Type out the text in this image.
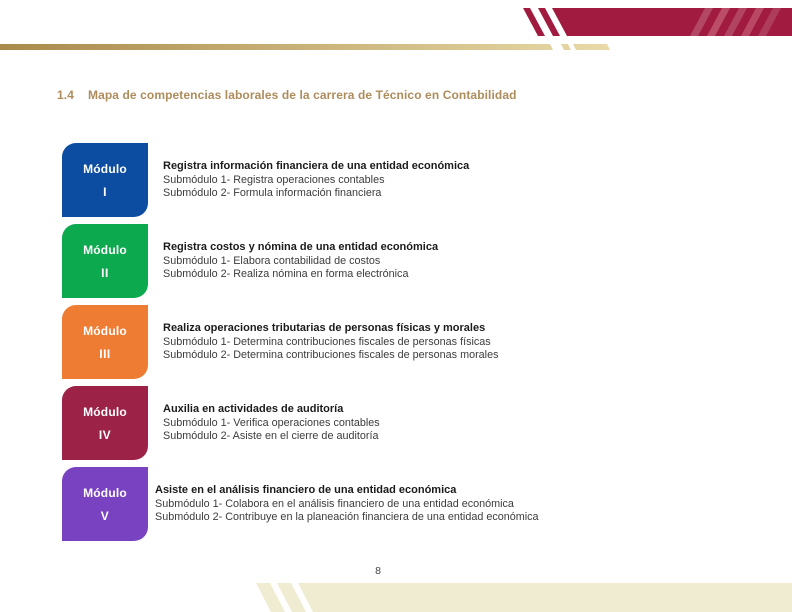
1.4 Mapa de competencias laborales de la carrera de Técnico en Contabilidad
Módulo
I
Registra información financiera de una entidad económica
Submódulo 1- Registra operaciones contables
Submódulo 2- Formula información financiera
Módulo
II
Registra costos y nómina de una entidad económica
Submódulo 1- Elabora contabilidad de costos
Submódulo 2- Realiza nómina en forma electrónica
Módulo
III
Realiza operaciones tributarias de personas físicas y morales
Submódulo 1- Determina contribuciones fiscales de personas físicas
Submódulo 2- Determina contribuciones fiscales de personas morales
Módulo
IV
Auxilia en actividades de auditoría
Submódulo 1- Verifica operaciones contables
Submódulo 2- Asiste en el cierre de auditoría
Módulo
V
Asiste en el análisis financiero de una entidad económica
Submódulo 1- Colabora en el análisis financiero de una entidad económica
Submódulo 2- Contribuye en la planeación financiera de una entidad económica
8
